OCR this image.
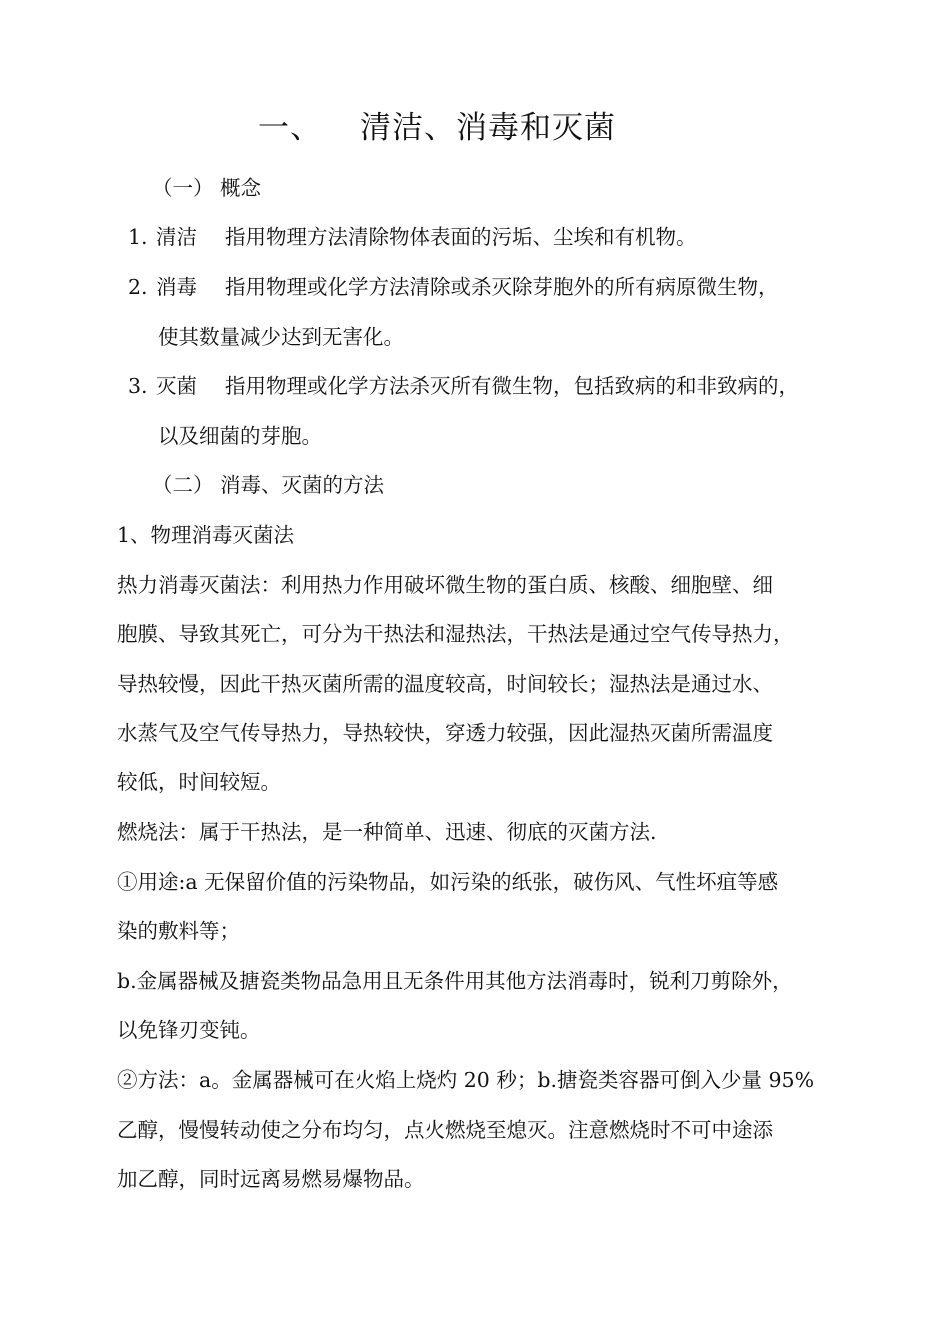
一、 清洁、消毒和灭菌
（一） 概念
1. 清洁 指用物理方法清除物体表面的污垢、尘埃和有机物。
2. 消毒 指用物理或化学方法清除或杀灭除芽胞外的所有病原微生物，
使其数量减少达到无害化。
3. 灭菌 指用物理或化学方法杀灭所有微生物，包括致病的和非致病的，
以及细菌的芽胞。
（二） 消毒、灭菌的方法
1、物理消毒灭菌法
热力消毒灭菌法：利用热力作用破坏微生物的蛋白质、核酸、细胞壁、细
胞膜、导致其死亡，可分为干热法和湿热法，干热法是通过空气传导热力，
导热较慢，因此干热灭菌所需的温度较高，时间较长；湿热法是通过水、
水蒸气及空气传导热力，导热较快，穿透力较强，因此湿热灭菌所需温度
较低，时间较短。
燃烧法：属于干热法，是一种简单、迅速、彻底的灭菌方法.
①用途:a 无保留价值的污染物品，如污染的纸张，破伤风、气性坏疽等感
染的敷料等；
b.金属器械及搪瓷类物品急用且无条件用其他方法消毒时，锐利刀剪除外，
以免锋刃变钝。
②方法：a。金属器械可在火焰上烧灼 20 秒；b.搪瓷类容器可倒入少量 95%
乙醇，慢慢转动使之分布均匀，点火燃烧至熄灭。注意燃烧时不可中途添
加乙醇，同时远离易燃易爆物品。
